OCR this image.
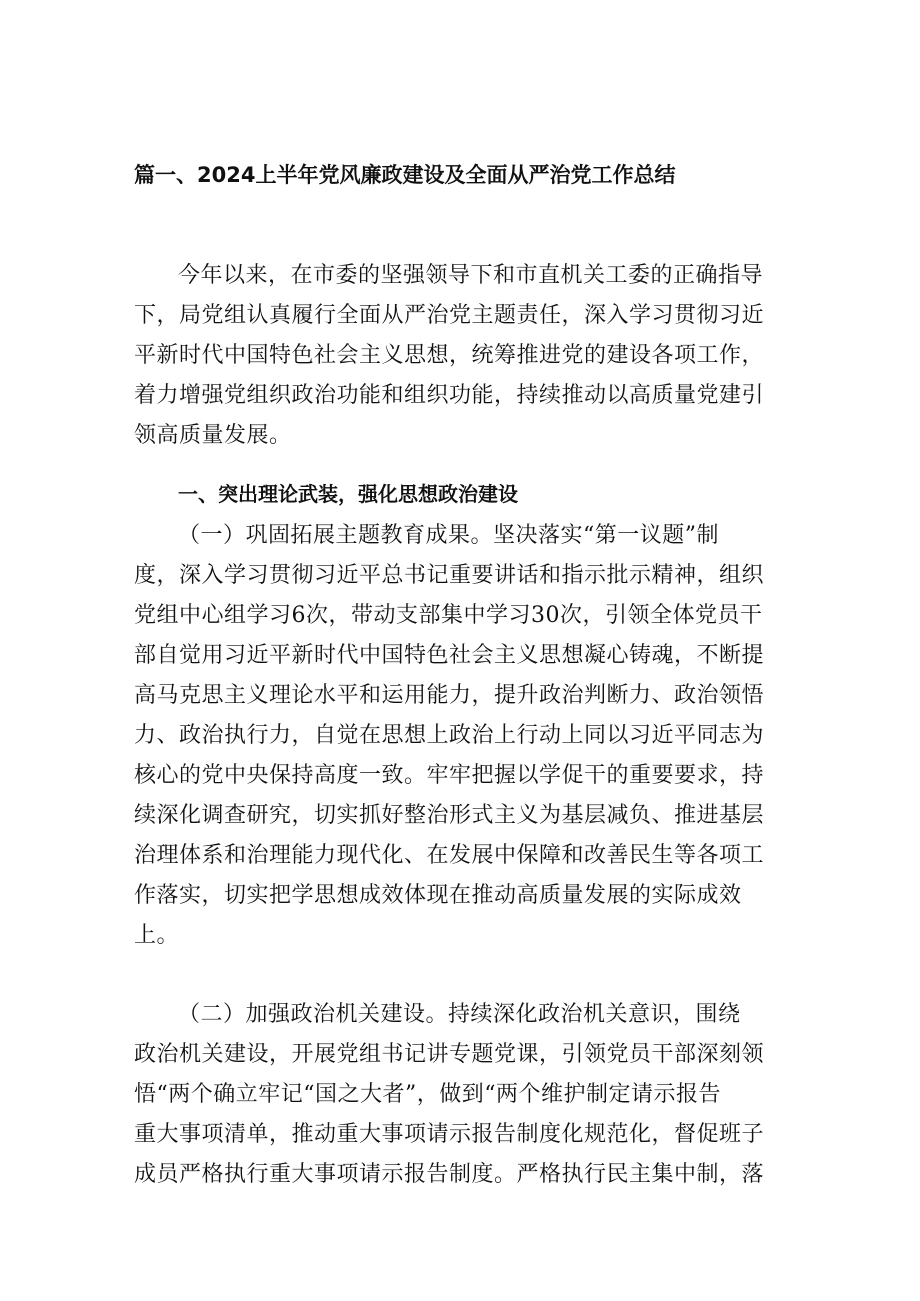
篇一、2024上半年党风廉政建设及全面从严治党工作总结
今年以来，在市委的坚强领导下和市直机关工委的正确指导
下，局党组认真履行全面从严治党主题责任，深入学习贯彻习近
平新时代中国特色社会主义思想，统筹推进党的建设各项工作，
着力增强党组织政治功能和组织功能，持续推动以高质量党建引
领高质量发展。
一、突出理论武装，强化思想政治建设
（一）巩固拓展主题教育成果。坚决落实“第一议题”制
度，深入学习贯彻习近平总书记重要讲话和指示批示精神，组织
党组中心组学习6次，带动支部集中学习30次，引领全体党员干
部自觉用习近平新时代中国特色社会主义思想凝心铸魂，不断提
高马克思主义理论水平和运用能力，提升政治判断力、政治领悟
力、政治执行力，自觉在思想上政治上行动上同以习近平同志为
核心的党中央保持高度一致。牢牢把握以学促干的重要要求，持
续深化调查研究，切实抓好整治形式主义为基层减负、推进基层
治理体系和治理能力现代化、在发展中保障和改善民生等各项工
作落实，切实把学思想成效体现在推动高质量发展的实际成效
上。
（二）加强政治机关建设。持续深化政治机关意识，围绕
政治机关建设，开展党组书记讲专题党课，引领党员干部深刻领
悟“两个确立牢记“国之大者”，做到“两个维护制定请示报告
重大事项清单，推动重大事项请示报告制度化规范化，督促班子
成员严格执行重大事项请示报告制度。严格执行民主集中制，落
